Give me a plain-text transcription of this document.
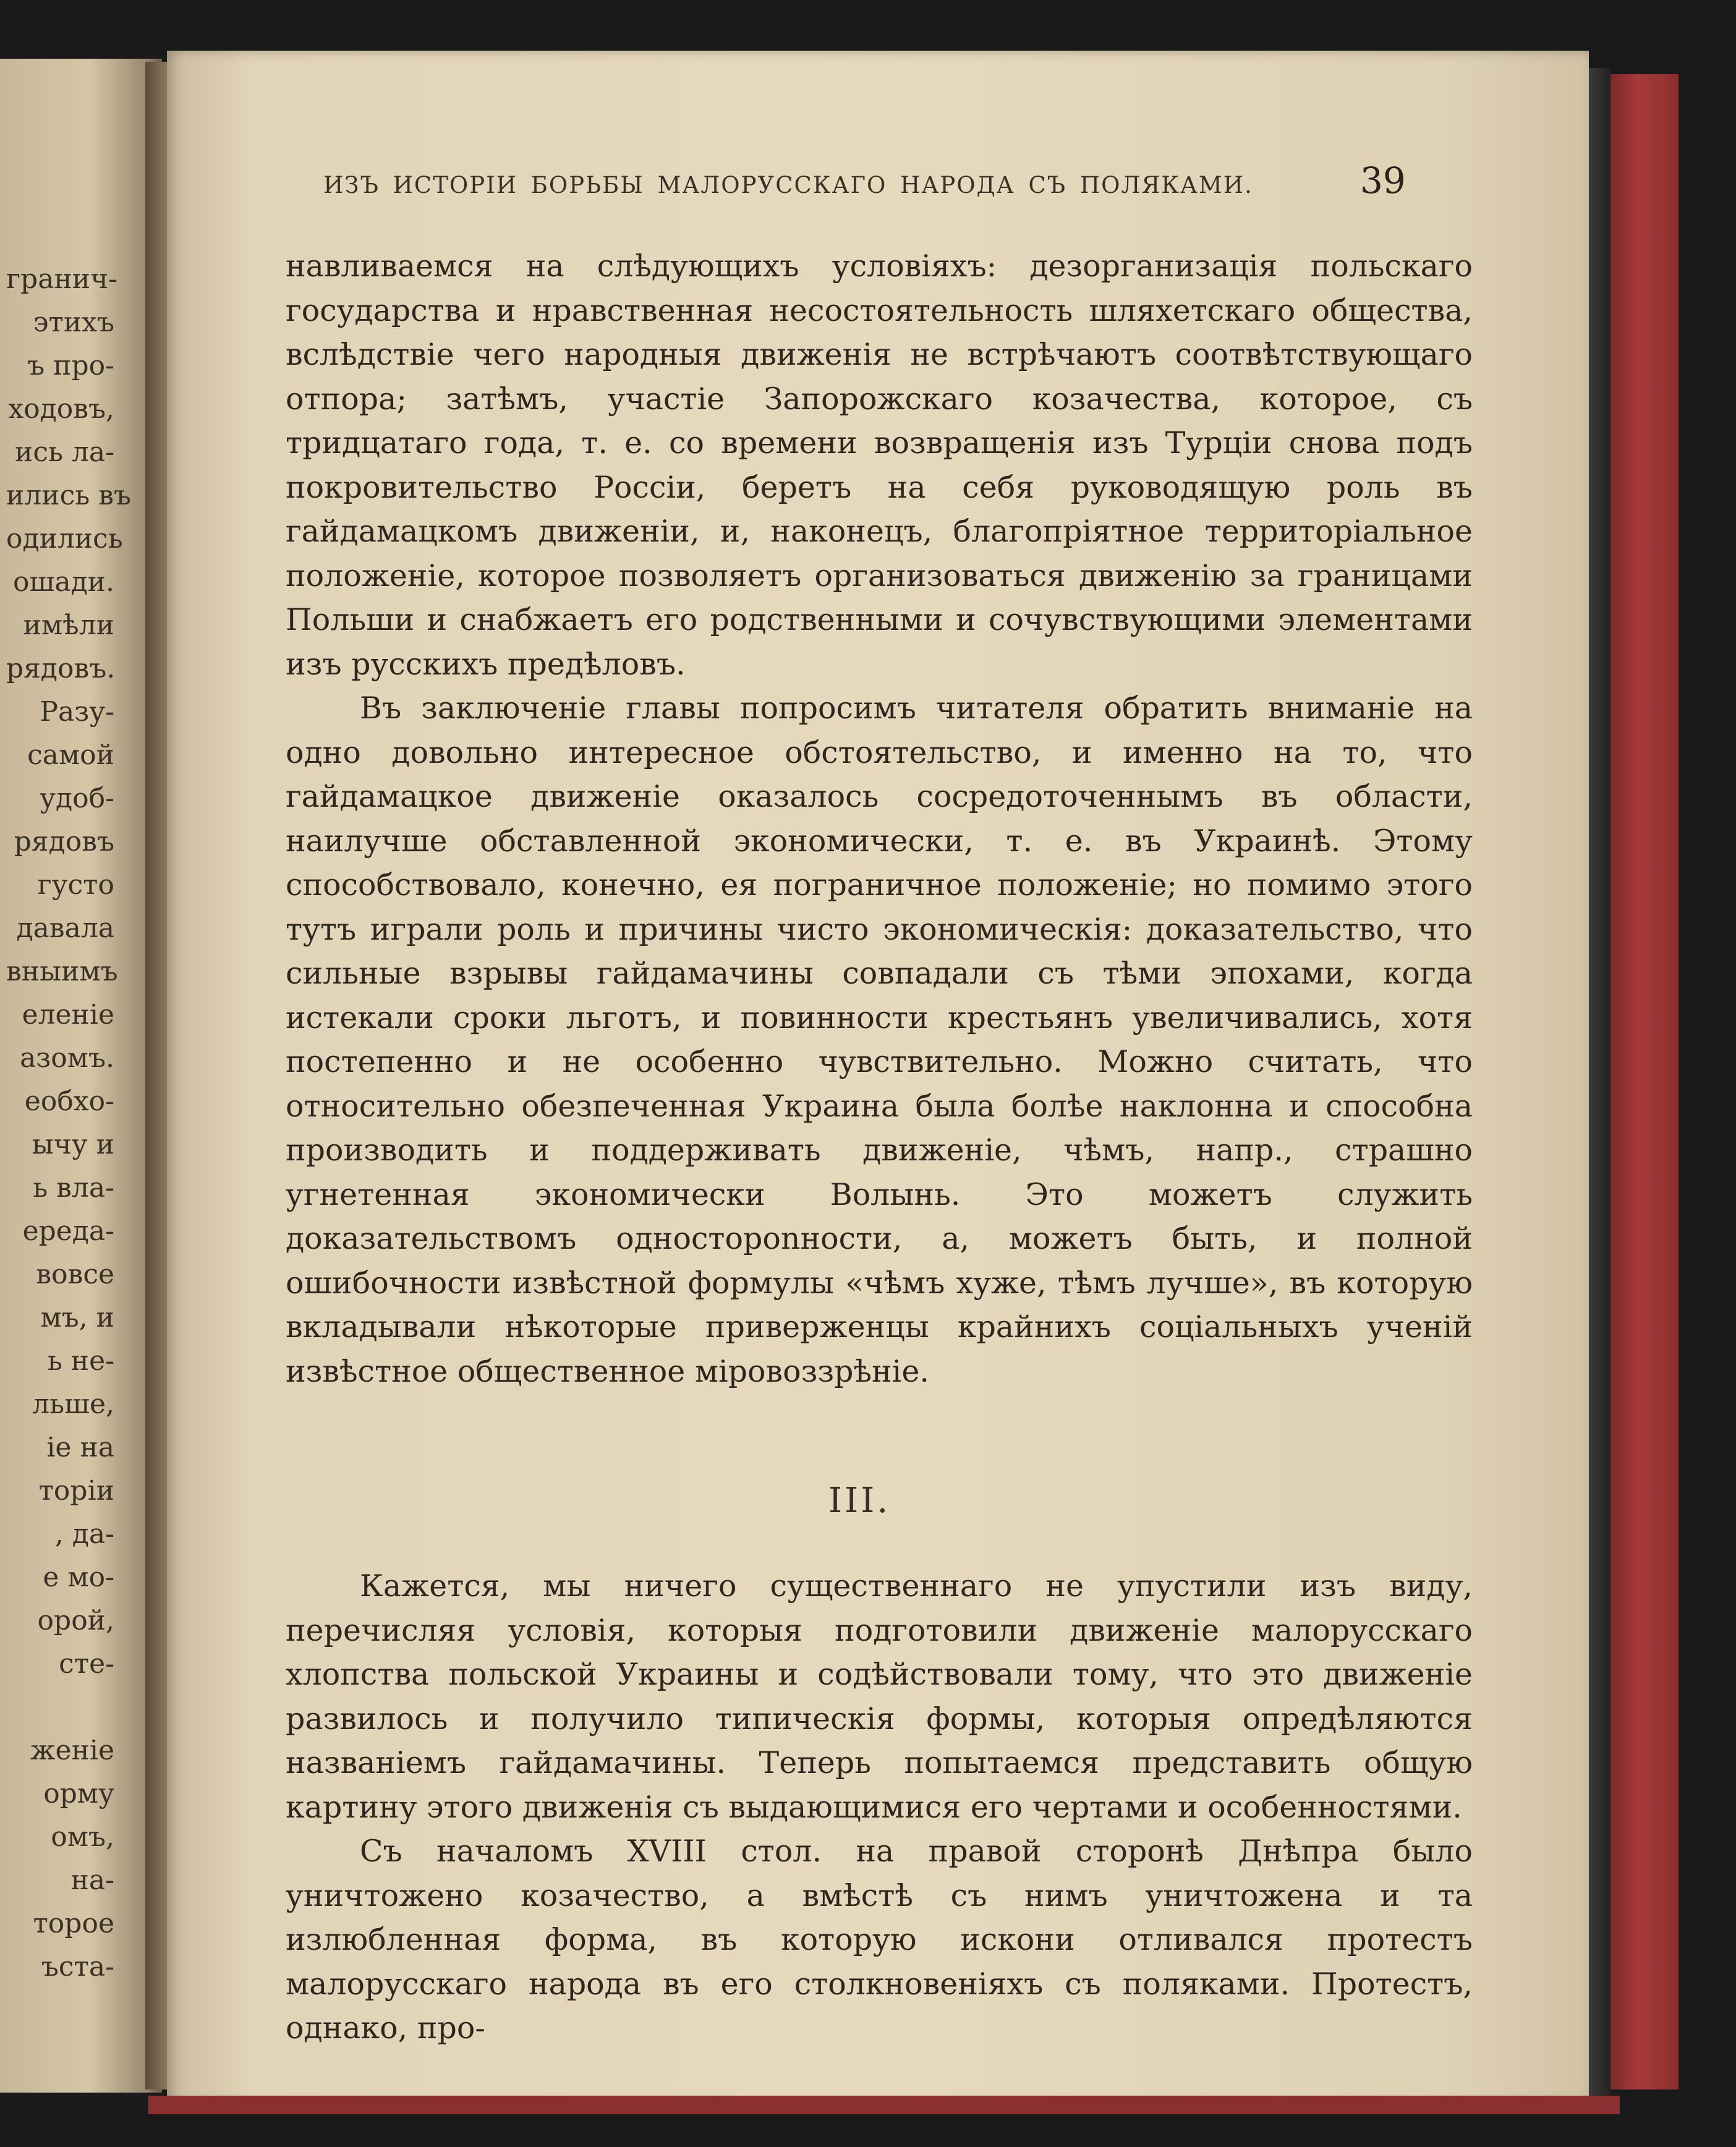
гранич-
этихъ
ъ про-
ходовъ,
ись ла-
ились въ
одились
ошади.
имѣли
рядовъ.
Разу-
самой
удоб-
рядовъ
густо
давала
вныимъ
еленіе
азомъ.
еобхо-
ычу и
ь вла-
ереда-
вовсе
мъ, и
ь не-
льше,
іе на
торіи
, да-
е мо-
орой,
сте-
женіе
орму
омъ,
на-
торое
ъста-
ИЗЪ ИСТОРІИ БОРЬБЫ МАЛОРУССКАГО НАРОДА СЪ ПОЛЯКАМИ.	39

навливаемся на слѣдующихъ условіяхъ: дезорганизація польскаго государства и нравственная несостоятельность шляхетскаго общества, вслѣдствіе чего народныя движенія не встрѣчаютъ соотвѣтствующаго отпора; затѣмъ, участіе Запорожскаго козачества, которое, съ тридцатаго года, т. е. со времени возвращенія изъ Турціи снова подъ покровительство Россіи, беретъ на себя руководящую роль въ гайдамацкомъ движеніи, и, наконецъ, благопріятное территоріальное положеніе, которое позволяетъ организоваться движенію за границами Польши и снабжаетъ его родственными и сочувствующими элементами изъ русскихъ предѣловъ.

Въ заключеніе главы попросимъ читателя обратить вниманіе на одно довольно интересное обстоятельство, и именно на то, что гайдамацкое движеніе оказалось сосредоточеннымъ въ области, наилучше обставленной экономически, т. е. въ Украинѣ. Этому способствовало, конечно, ея пограничное положеніе; но помимо этого тутъ играли роль и причины чисто экономическія: доказательство, что сильные взрывы гайдамачины совпадали съ тѣми эпохами, когда истекали сроки льготъ, и повинности крестьянъ увеличивались, хотя постепенно и не особенно чувствительно. Можно считать, что относительно обезпеченная Украина была болѣе наклонна и способна производить и поддерживать движеніе, чѣмъ, напр., страшно угнетенная экономически Волынь. Это можетъ служить доказательствомъ одностороnности, а, можетъ быть, и полной ошибочности извѣстной формулы «чѣмъ хуже, тѣмъ лучше», въ которую вкладывали нѣкоторые приверженцы крайнихъ соціальныхъ ученій извѣстное общественное міровоззрѣніе.

III.

Кажется, мы ничего существеннаго не упустили изъ виду, перечисляя условія, которыя подготовили движеніе малорусскаго хлопства польской Украины и содѣйствовали тому, что это движеніе развилось и получило типическія формы, которыя опредѣляются названіемъ гайдамачины. Теперь попытаемся представить общую картину этого движенія съ выдающимися его чертами и особенностями.

Съ началомъ XVIII стол. на правой сторонѣ Днѣпра было уничтожено козачество, а вмѣстѣ съ нимъ уничтожена и та излюбленная форма, въ которую искони отливался протестъ малорусскаго народа въ его столкновеніяхъ съ поляками. Протестъ, однако, про-
